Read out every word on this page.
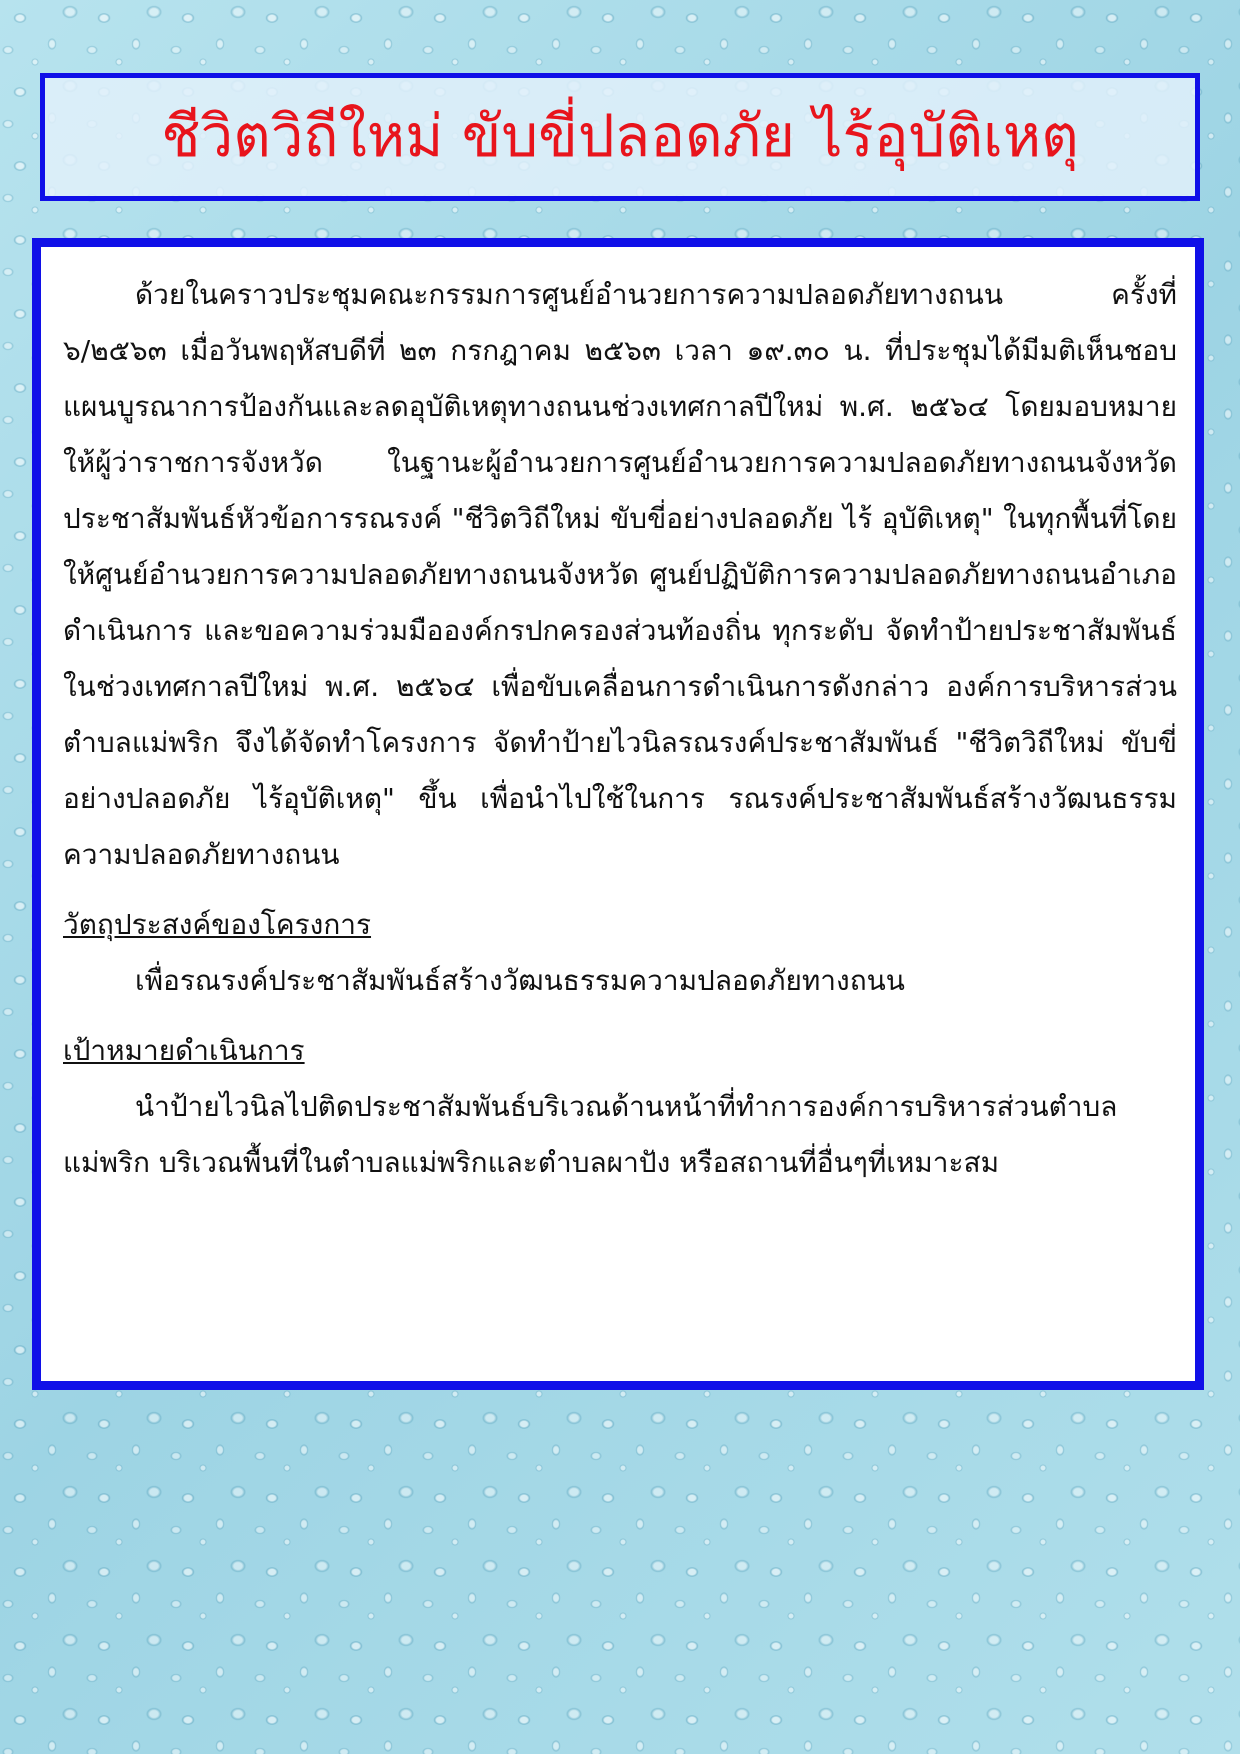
ชีวิตวิถีใหม่ ขับขี่ปลอดภัย ไร้อุบัติเหตุ

ด้วยในคราวประชุมคณะกรรมการศูนย์อำนวยการความปลอดภัยทางถนน ครั้งที่ ๖/๒๕๖๓ เมื่อวันพฤหัสบดีที่ ๒๓ กรกฎาคม ๒๕๖๓ เวลา ๑๙.๓๐ น. ที่ประชุมได้มีมติเห็นชอบแผนบูรณาการป้องกันและลดอุบัติเหตุทางถนนช่วงเทศกาลปีใหม่ พ.ศ. ๒๕๖๔ โดยมอบหมายให้ผู้ว่าราชการจังหวัด ในฐานะผู้อำนวยการศูนย์อำนวยการความปลอดภัยทางถนนจังหวัด ประชาสัมพันธ์หัวข้อการรณรงค์ "ชีวิตวิถีใหม่ ขับขี่อย่างปลอดภัย ไร้ อุบัติเหตุ" ในทุกพื้นที่โดยให้ศูนย์อำนวยการความปลอดภัยทางถนนจังหวัด ศูนย์ปฏิบัติการความปลอดภัยทางถนนอำเภอ ดำเนินการ และขอความร่วมมือองค์กรปกครองส่วนท้องถิ่น ทุกระดับ จัดทำป้ายประชาสัมพันธ์ ในช่วงเทศกาลปีใหม่ พ.ศ. ๒๕๖๔ เพื่อขับเคลื่อนการดำเนินการดังกล่าว องค์การบริหารส่วนตำบลแม่พริก จึงได้จัดทำโครงการ จัดทำป้ายไวนิลรณรงค์ประชาสัมพันธ์ "ชีวิตวิถีใหม่ ขับขี่อย่างปลอดภัย ไร้อุบัติเหตุ" ขึ้น เพื่อนำไปใช้ในการ รณรงค์ประชาสัมพันธ์สร้างวัฒนธรรมความปลอดภัยทางถนน

วัตถุประสงค์ของโครงการ

เพื่อรณรงค์ประชาสัมพันธ์สร้างวัฒนธรรมความปลอดภัยทางถนน

เป้าหมายดำเนินการ

นำป้ายไวนิลไปติดประชาสัมพันธ์บริเวณด้านหน้าที่ทำการองค์การบริหารส่วนตำบลแม่พริก บริเวณพื้นที่ในตำบลแม่พริกและตำบลผาปัง หรือสถานที่อื่นๆที่เหมาะสม
